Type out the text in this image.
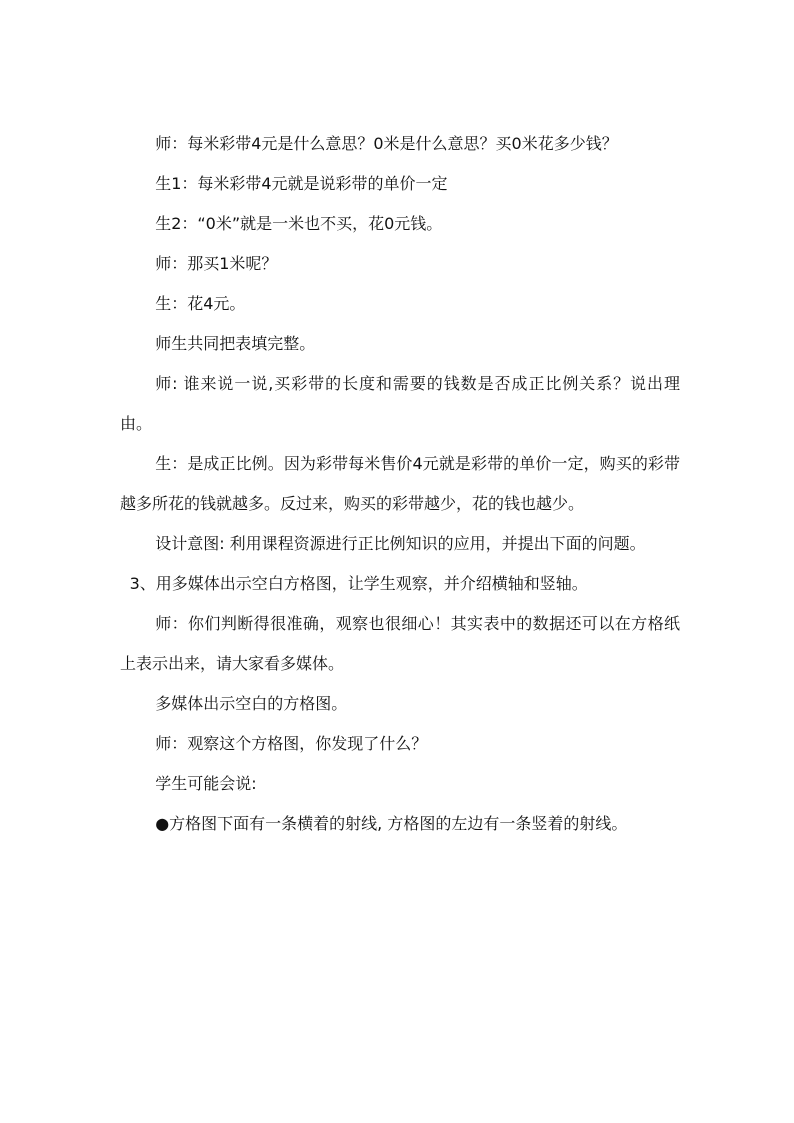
师：每米彩带4元是什么意思？0米是什么意思？买0米花多少钱？

生1：每米彩带4元就是说彩带的单价一定

生2：“0米”就是一米也不买，花0元钱。

师：那买1米呢？

生：花4元。

师生共同把表填完整。

师: 谁来说一说,买彩带的长度和需要的钱数是否成正比例关系？说出理由。

生：是成正比例。因为彩带每米售价4元就是彩带的单价一定，购买的彩带越多所花的钱就越多。反过来，购买的彩带越少，花的钱也越少。

设计意图: 利用课程资源进行正比例知识的应用，并提出下面的问题。

3、用多媒体出示空白方格图，让学生观察，并介绍横轴和竖轴。

师：你们判断得很准确，观察也很细心！其实表中的数据还可以在方格纸上表示出来，请大家看多媒体。

多媒体出示空白的方格图。

师：观察这个方格图，你发现了什么？

学生可能会说:

●方格图下面有一条横着的射线, 方格图的左边有一条竖着的射线。
